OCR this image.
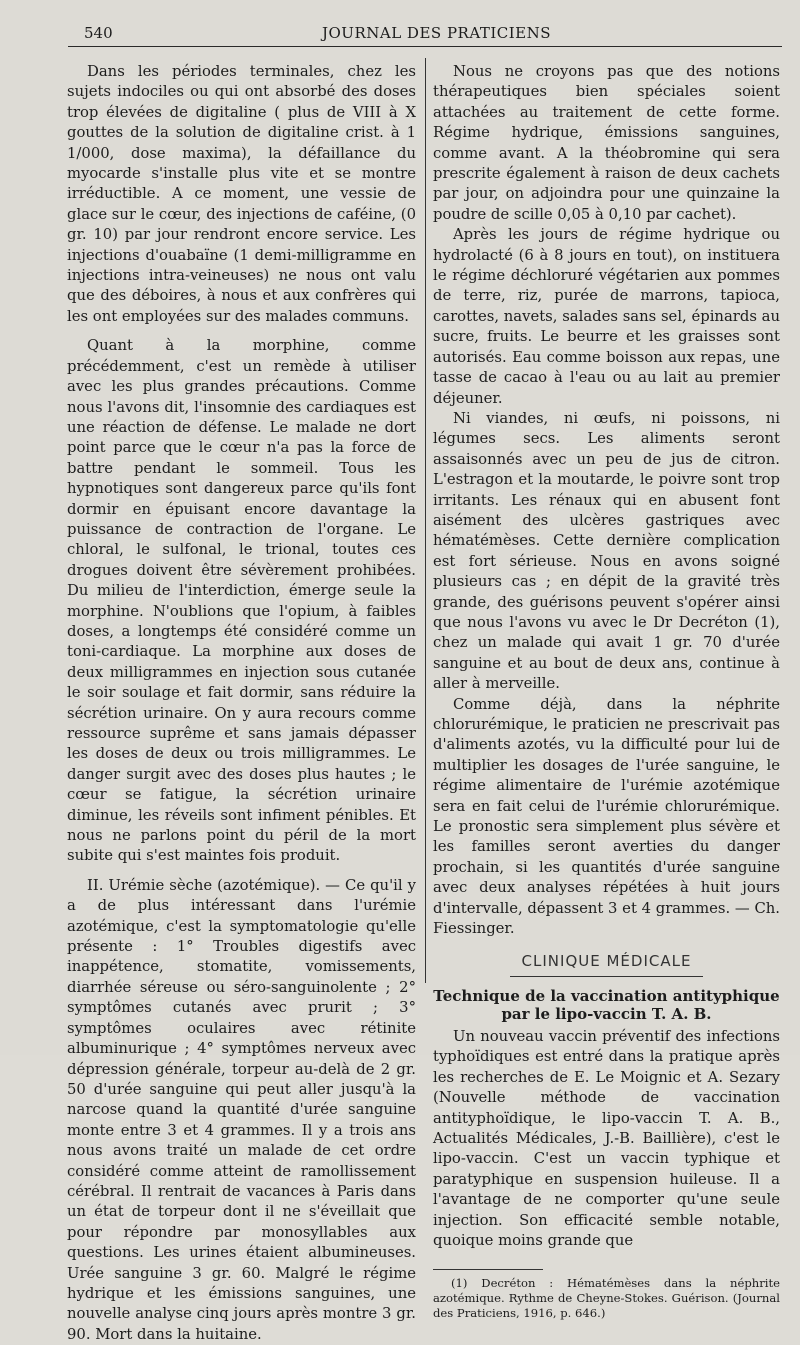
540	JOURNAL DES PRATICIENS

Dans les périodes terminales, chez les sujets indociles ou qui ont absorbé des doses trop élevées de digitaline ( plus de VIII à X gouttes de la solution de digitaline crist. à 1 1/000, dose maxima), la défaillance du myocarde s'installe plus vite et se montre irréductible. A ce moment, une vessie de glace sur le cœur, des injections de caféine, (0 gr. 10) par jour rendront encore service. Les injections d'ouabaïne (1 demi-milligramme en injections intra-veineuses) ne nous ont valu que des déboires, à nous et aux confrères qui les ont employées sur des malades communs.

Quant à la morphine, comme précédemment, c'est un remède à utiliser avec les plus grandes précautions. Comme nous l'avons dit, l'insomnie des cardiaques est une réaction de défense. Le malade ne dort point parce que le cœur n'a pas la force de battre pendant le sommeil. Tous les hypnotiques sont dangereux parce qu'ils font dormir en épuisant encore davantage la puissance de contraction de l'organe. Le chloral, le sulfonal, le trional, toutes ces drogues doivent être sévèrement prohibées. Du milieu de l'interdiction, émerge seule la morphine. N'oublions que l'opium, à faibles doses, a longtemps été considéré comme un toni-cardiaque. La morphine aux doses de deux milligrammes en injection sous cutanée le soir soulage et fait dormir, sans réduire la sécrétion urinaire. On y aura recours comme ressource suprême et sans jamais dépasser les doses de deux ou trois milligrammes. Le danger surgit avec des doses plus hautes ; le cœur se fatigue, la sécrétion urinaire diminue, les réveils sont infiment pénibles. Et nous ne parlons point du péril de la mort subite qui s'est maintes fois produit.

II. Urémie sèche (azotémique). — Ce qu'il y a de plus intéressant dans l'urémie azotémique, c'est la symptomatologie qu'elle présente : 1° Troubles digestifs avec inappétence, stomatite, vomissements, diarrhée séreuse ou séro-sanguinolente ; 2° symptômes cutanés avec prurit ; 3° symptômes oculaires avec rétinite albuminurique ; 4° symptômes nerveux avec dépression générale, torpeur au-delà de 2 gr. 50 d'urée sanguine qui peut aller jusqu'à la narcose quand la quantité d'urée sanguine monte entre 3 et 4 grammes. Il y a trois ans nous avons traité un malade de cet ordre considéré comme atteint de ramollissement cérébral. Il rentrait de vacances à Paris dans un état de torpeur dont il ne s'éveillait que pour répondre par monosyllables aux questions. Les urines étaient albumineuses. Urée sanguine 3 gr. 60. Malgré le régime hydrique et les émissions sanguines, une nouvelle analyse cinq jours après montre 3 gr. 90. Mort dans la huitaine.

Nous ne croyons pas que des notions thérapeutiques bien spéciales soient attachées au traitement de cette forme. Régime hydrique, émissions sanguines, comme avant. A la théobromine qui sera prescrite également à raison de deux cachets par jour, on adjoindra pour une quinzaine la poudre de scille 0,05 à 0,10 par cachet).

Après les jours de régime hydrique ou hydrolacté (6 à 8 jours en tout), on instituera le régime déchloruré végétarien aux pommes de terre, riz, purée de marrons, tapioca, carottes, navets, salades sans sel, épinards au sucre, fruits. Le beurre et les graisses sont autorisés. Eau comme boisson aux repas, une tasse de cacao à l'eau ou au lait au premier déjeuner.

Ni viandes, ni œufs, ni poissons, ni légumes secs. Les aliments seront assaisonnés avec un peu de jus de citron. L'estragon et la moutarde, le poivre sont trop irritants. Les rénaux qui en abusent font aisément des ulcères gastriques avec hématémèses. Cette dernière complication est fort sérieuse. Nous en avons soigné plusieurs cas ; en dépit de la gravité très grande, des guérisons peuvent s'opérer ainsi que nous l'avons vu avec le Dr Decréton (1), chez un malade qui avait 1 gr. 70 d'urée sanguine et au bout de deux ans, continue à aller à merveille.

Comme déjà, dans la néphrite chlorurémique, le praticien ne prescrivait pas d'aliments azotés, vu la difficulté pour lui de multiplier les dosages de l'urée sanguine, le régime alimentaire de l'urémie azotémique sera en fait celui de l'urémie chlorurémique. Le pronostic sera simplement plus sévère et les familles seront averties du danger prochain, si les quantités d'urée sanguine avec deux analyses répétées à huit jours d'intervalle, dépassent 3 et 4 grammes. — Ch. Fiessinger.

CLINIQUE MÉDICALE
Technique de la vaccination antityphique
par le lipo-vaccin T. A. B.

Un nouveau vaccin préventif des infections typhoïdiques est entré dans la pratique après les recherches de E. Le Moignic et A. Sezary (Nouvelle méthode de vaccination antityphoïdique, le lipo-vaccin T. A. B., Actualités Médicales, J.-B. Baillière), c'est le lipo-vaccin. C'est un vaccin typhique et paratyphique en suspension huileuse. Il a l'avantage de ne comporter qu'une seule injection. Son efficacité semble notable, quoique moins grande que

(1) Decréton : Hématémèses dans la néphrite azotémique. Rythme de Cheyne-Stokes. Guérison. (Journal des Praticiens, 1916, p. 646.)
